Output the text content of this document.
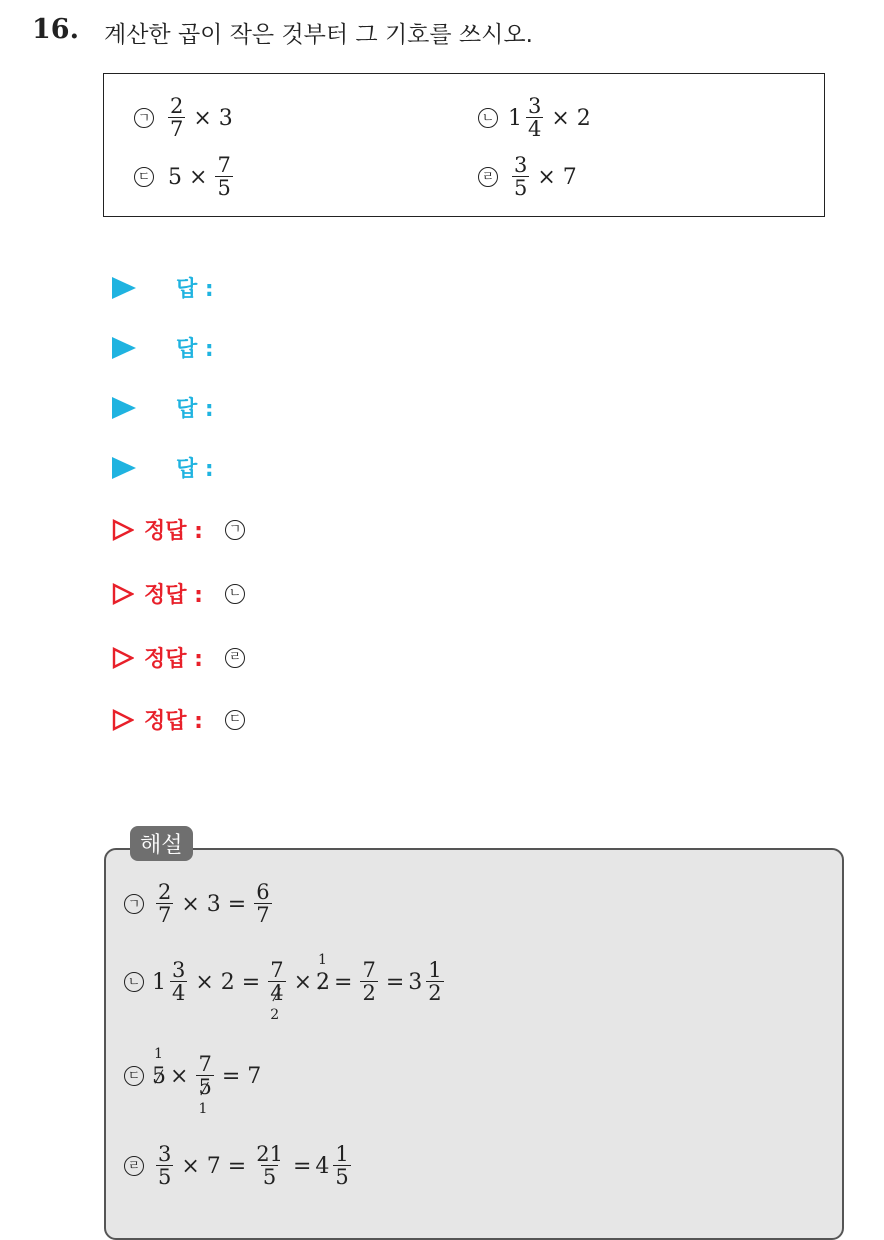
16. 계산한 곱이 작은 것부터 그 기호를 쓰시오.
ㄱ $\frac{2}{7} \times 3$	ㄴ $1 \frac{3}{4} \times 2$
ㄷ $5 \times \frac{7}{5}$	ㄹ $\frac{3}{5} \times 7$
답 :
답 :
답 :
답 :
정답 : ㄱ
정답 : ㄴ
정답 : ㄹ
정답 : ㄷ
해설
ㄱ $\frac{2}{7} \times 3 = \frac{6}{7}$
ㄴ $1 \frac{3}{4} \times 2 = 7$
4
2 × 2
1
= $\frac{7}{2} = 3 \frac{1}{2}$
ㄷ 5
1
× 7
5
1 = 7
ㄹ $\frac{3}{5} \times 7 = \frac{21}{5} = 4 \frac{1}{5}$
